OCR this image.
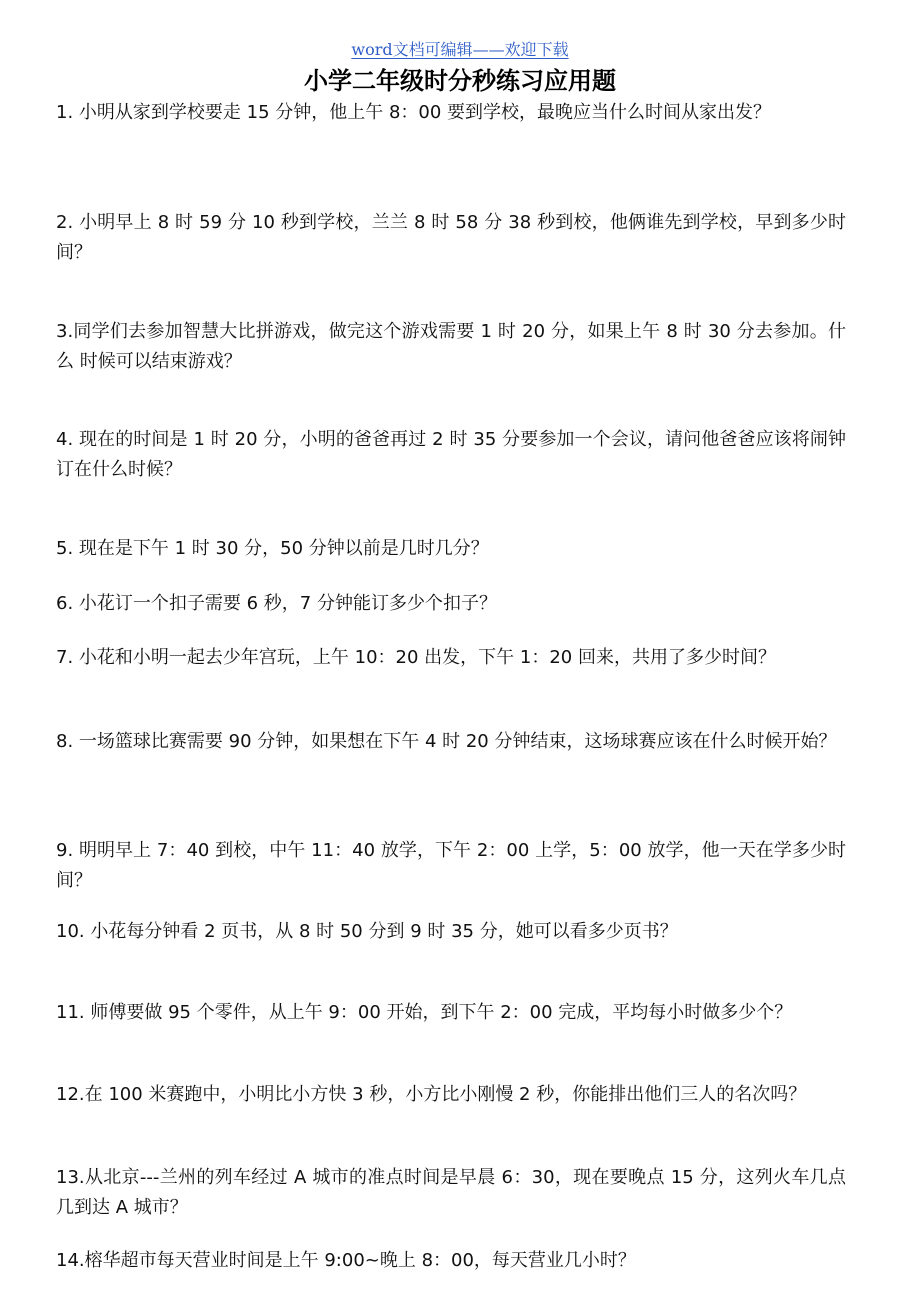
word文档可编辑——欢迎下载
小学二年级时分秒练习应用题
1. 小明从家到学校要走 15 分钟，他上午 8：00 要到学校，最晚应当什么时间从家出发？
2. 小明早上 8 时 59 分 10 秒到学校，兰兰 8 时 58 分 38 秒到校，他俩谁先到学校，早到多少时间？
3.同学们去参加智慧大比拼游戏，做完这个游戏需要 1 时 20 分，如果上午 8 时 30 分去参加。什么 时候可以结束游戏？
4. 现在的时间是 1 时 20 分，小明的爸爸再过 2 时 35 分要参加一个会议，请问他爸爸应该将闹钟订在什么时候？
5. 现在是下午 1 时 30 分，50 分钟以前是几时几分？
6. 小花订一个扣子需要 6 秒，7 分钟能订多少个扣子？
7. 小花和小明一起去少年宫玩，上午 10：20 出发，下午 1：20 回来，共用了多少时间？
8. 一场篮球比赛需要 90 分钟，如果想在下午 4 时 20 分钟结束，这场球赛应该在什么时候开始？
9. 明明早上 7：40 到校，中午 11：40 放学，下午 2：00 上学，5：00 放学，他一天在学多少时间？
10. 小花每分钟看 2 页书，从 8 时 50 分到 9 时 35 分，她可以看多少页书？
11. 师傅要做 95 个零件，从上午 9：00 开始，到下午 2：00 完成，平均每小时做多少个？
12.在 100 米赛跑中，小明比小方快 3 秒，小方比小刚慢 2 秒，你能排出他们三人的名次吗？
13.从北京---兰州的列车经过 A 城市的准点时间是早晨 6：30，现在要晚点 15 分，这列火车几点几到达 A 城市？
14.榕华超市每天营业时间是上午 9:00~晚上 8：00，每天营业几小时？
